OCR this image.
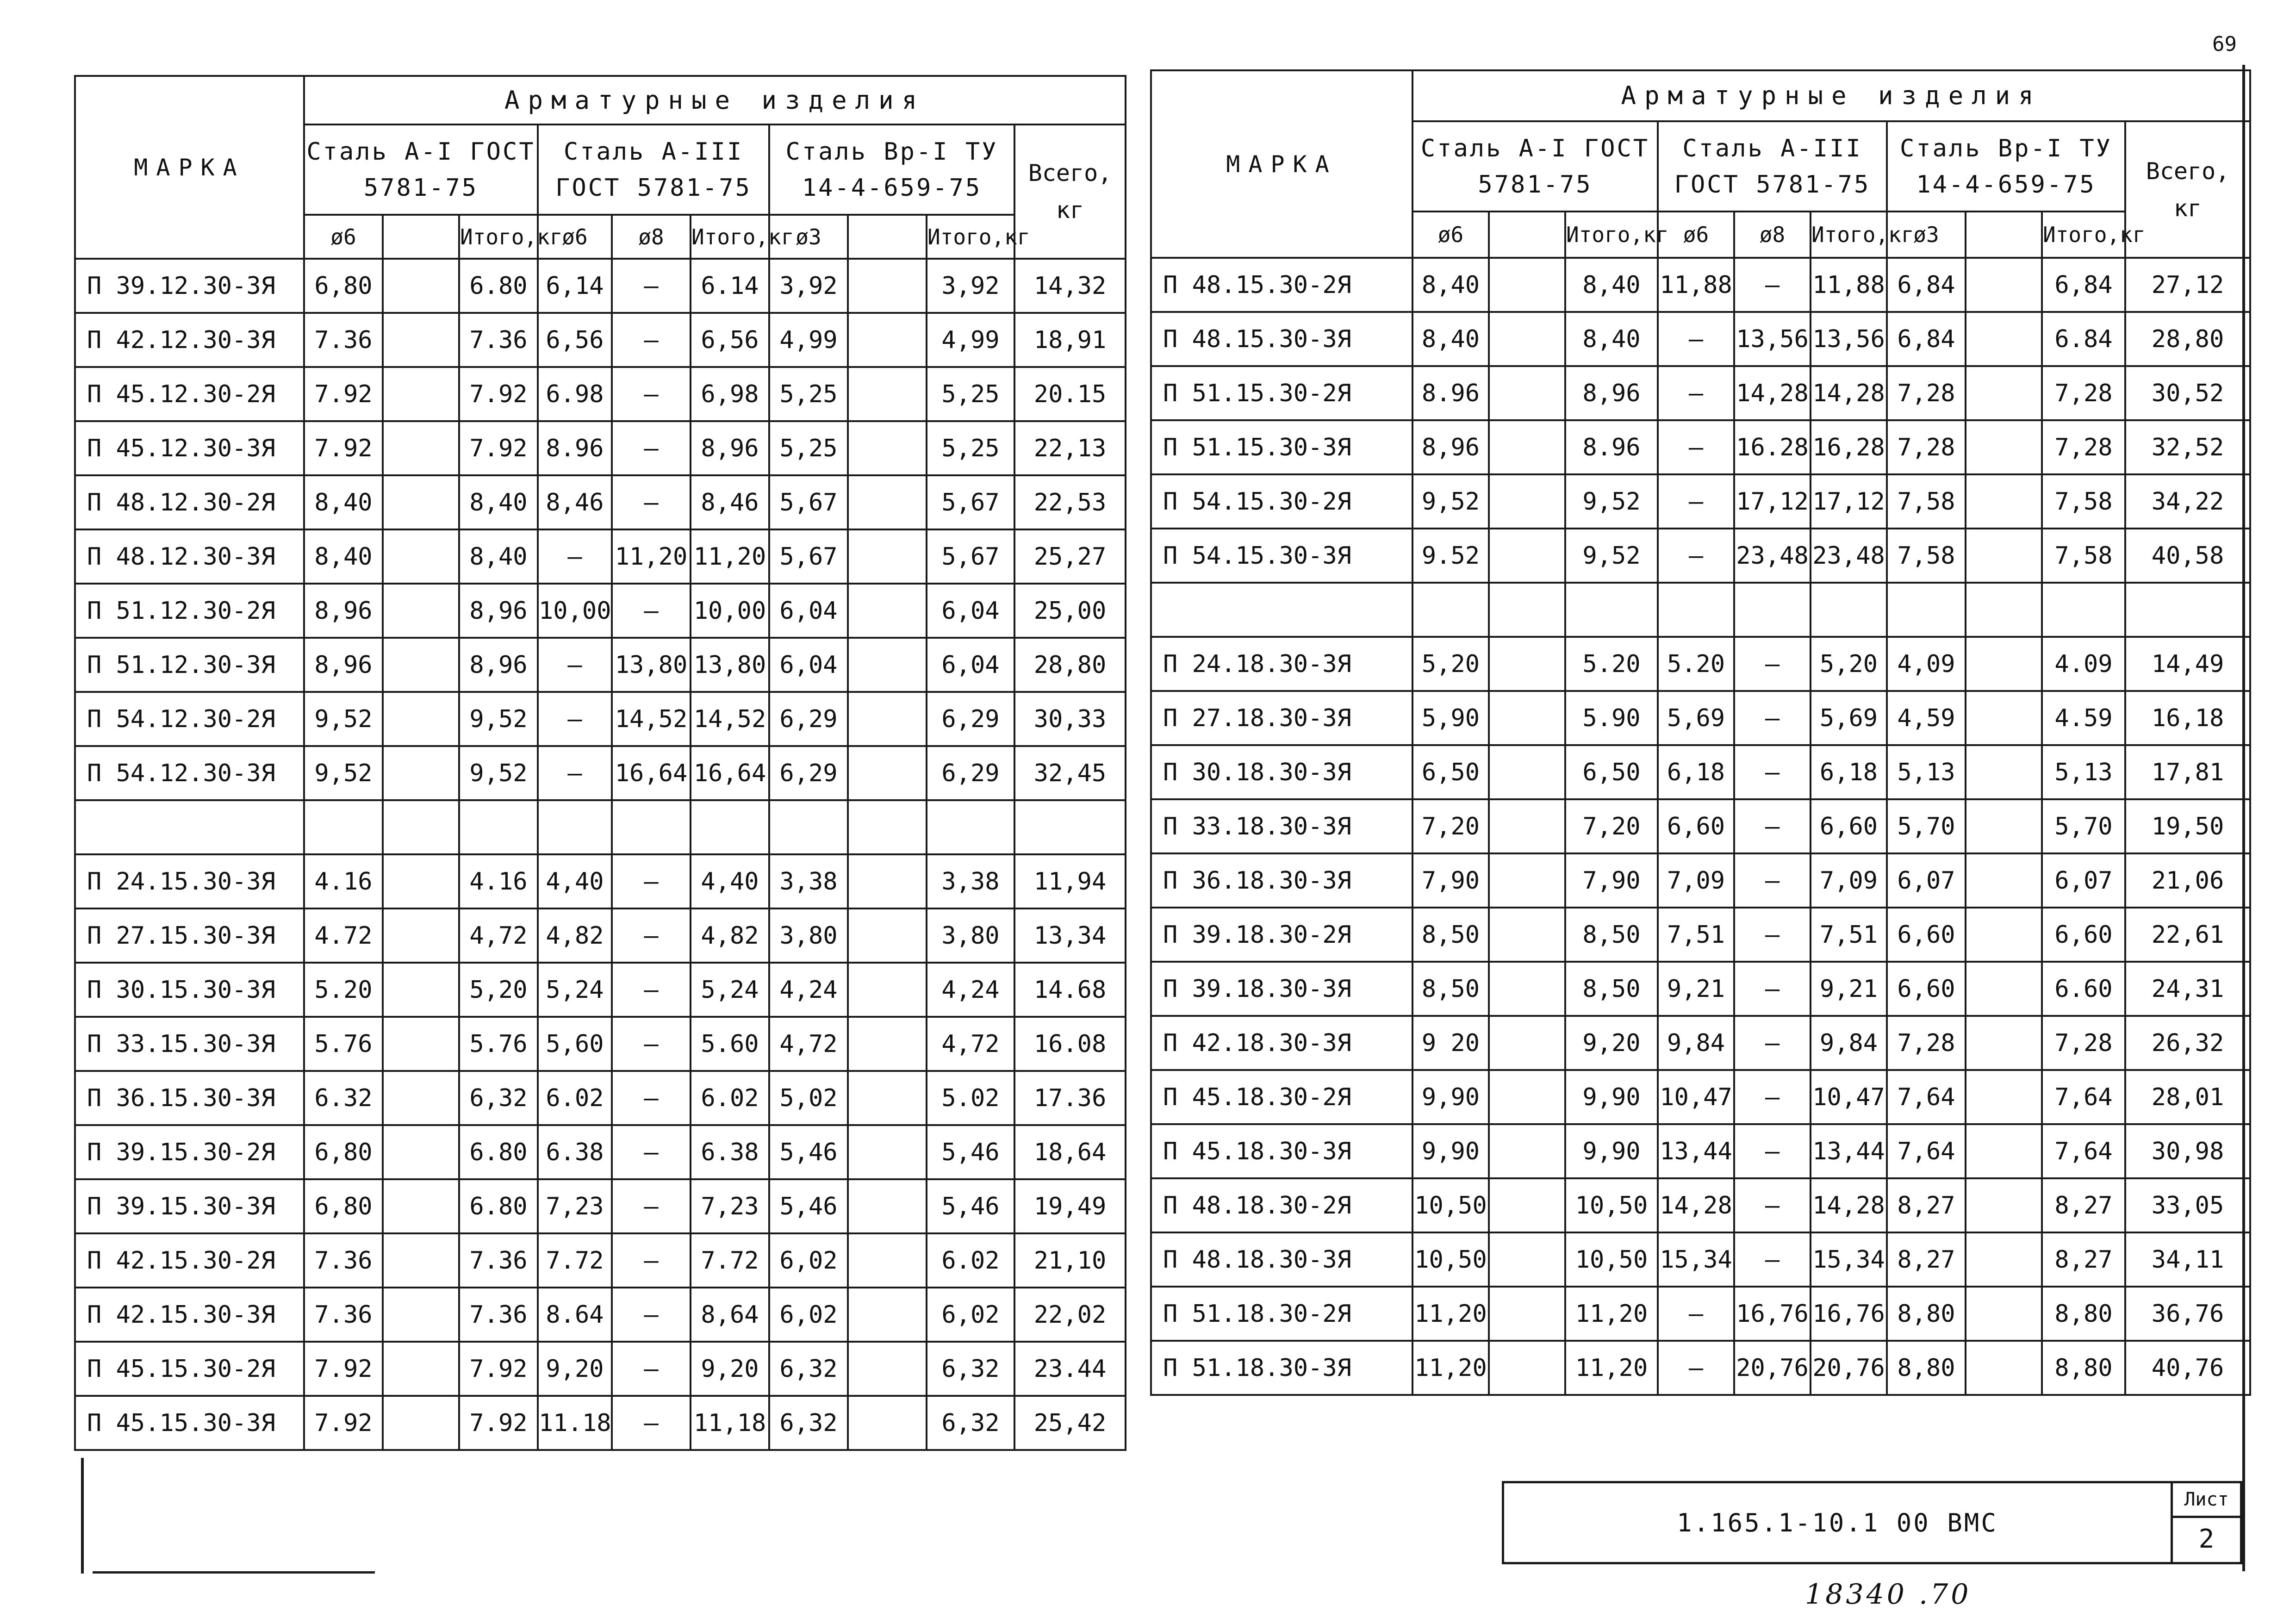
69
МАРКА	Арматурные изделия									
	Сталь А-I ГОСТ 5781-75			Сталь А-III ГОСТ 5781-75			Сталь Вр-I ТУ 14-4-659-75			Всего, кг
	ø6		Итого,кг	ø6	ø8	Итого,кг	ø3		Итого,кг	
П 39.12.30-3Я	6,80		6.80	6,14	—	6.14	3,92		3,92	14,32
П 42.12.30-3Я	7.36		7.36	6,56	—	6,56	4,99		4,99	18,91
П 45.12.30-2Я	7.92		7.92	6.98	—	6,98	5,25		5,25	20.15
П 45.12.30-3Я	7.92		7.92	8.96	—	8,96	5,25		5,25	22,13
П 48.12.30-2Я	8,40		8,40	8,46	—	8,46	5,67		5,67	22,53
П 48.12.30-3Я	8,40		8,40	—	11,20	11,20	5,67		5,67	25,27
П 51.12.30-2Я	8,96		8,96	10,00	—	10,00	6,04		6,04	25,00
П 51.12.30-3Я	8,96		8,96	—	13,80	13,80	6,04		6,04	28,80
П 54.12.30-2Я	9,52		9,52	—	14,52	14,52	6,29		6,29	30,33
П 54.12.30-3Я	9,52		9,52	—	16,64	16,64	6,29		6,29	32,45

П 24.15.30-3Я	4.16		4.16	4,40	—	4,40	3,38		3,38	11,94
П 27.15.30-3Я	4.72		4,72	4,82	—	4,82	3,80		3,80	13,34
П 30.15.30-3Я	5.20		5,20	5,24	—	5,24	4,24		4,24	14.68
П 33.15.30-3Я	5.76		5.76	5,60	—	5.60	4,72		4,72	16.08
П 36.15.30-3Я	6.32		6,32	6.02	—	6.02	5,02		5.02	17.36
П 39.15.30-2Я	6,80		6.80	6.38	—	6.38	5,46		5,46	18,64
П 39.15.30-3Я	6,80		6.80	7,23	—	7,23	5,46		5,46	19,49
П 42.15.30-2Я	7.36		7.36	7.72	—	7.72	6,02		6.02	21,10
П 42.15.30-3Я	7.36		7.36	8.64	—	8,64	6,02		6,02	22,02
П 45.15.30-2Я	7.92		7.92	9,20	—	9,20	6,32		6,32	23.44
П 45.15.30-3Я	7.92		7.92	11.18	—	11,18	6,32		6,32	25,42
МАРКА	Арматурные изделия									
	Сталь А-I ГОСТ 5781-75			Сталь А-III ГОСТ 5781-75			Сталь Вр-I ТУ 14-4-659-75			Всего, кг
	ø6		Итого,кг	ø6	ø8	Итого,кг	ø3		Итого,кг	
П 48.15.30-2Я	8,40		8,40	11,88	—	11,88	6,84		6,84	27,12
П 48.15.30-3Я	8,40		8,40	—	13,56	13,56	6,84		6.84	28,80
П 51.15.30-2Я	8.96		8,96	—	14,28	14,28	7,28		7,28	30,52
П 51.15.30-3Я	8,96		8.96	—	16.28	16,28	7,28		7,28	32,52
П 54.15.30-2Я	9,52		9,52	—	17,12	17,12	7,58		7,58	34,22
П 54.15.30-3Я	9.52		9,52	—	23,48	23,48	7,58		7,58	40,58

П 24.18.30-3Я	5,20		5.20	5.20	—	5,20	4,09		4.09	14,49
П 27.18.30-3Я	5,90		5.90	5,69	—	5,69	4,59		4.59	16,18
П 30.18.30-3Я	6,50		6,50	6,18	—	6,18	5,13		5,13	17,81
П 33.18.30-3Я	7,20		7,20	6,60	—	6,60	5,70		5,70	19,50
П 36.18.30-3Я	7,90		7,90	7,09	—	7,09	6,07		6,07	21,06
П 39.18.30-2Я	8,50		8,50	7,51	—	7,51	6,60		6,60	22,61
П 39.18.30-3Я	8,50		8,50	9,21	—	9,21	6,60		6.60	24,31
П 42.18.30-3Я	9 20		9,20	9,84	—	9,84	7,28		7,28	26,32
П 45.18.30-2Я	9,90		9,90	10,47	—	10,47	7,64		7,64	28,01
П 45.18.30-3Я	9,90		9,90	13,44	—	13,44	7,64		7,64	30,98
П 48.18.30-2Я	10,50		10,50	14,28	—	14,28	8,27		8,27	33,05
П 48.18.30-3Я	10,50		10,50	15,34	—	15,34	8,27		8,27	34,11
П 51.18.30-2Я	11,20		11,20	—	16,76	16,76	8,80		8,80	36,76
П 51.18.30-3Я	11,20		11,20	—	20,76	20,76	8,80		8,80	40,76
1.165.1-10.1 00 ВМС
Лист
2
18340 .70
